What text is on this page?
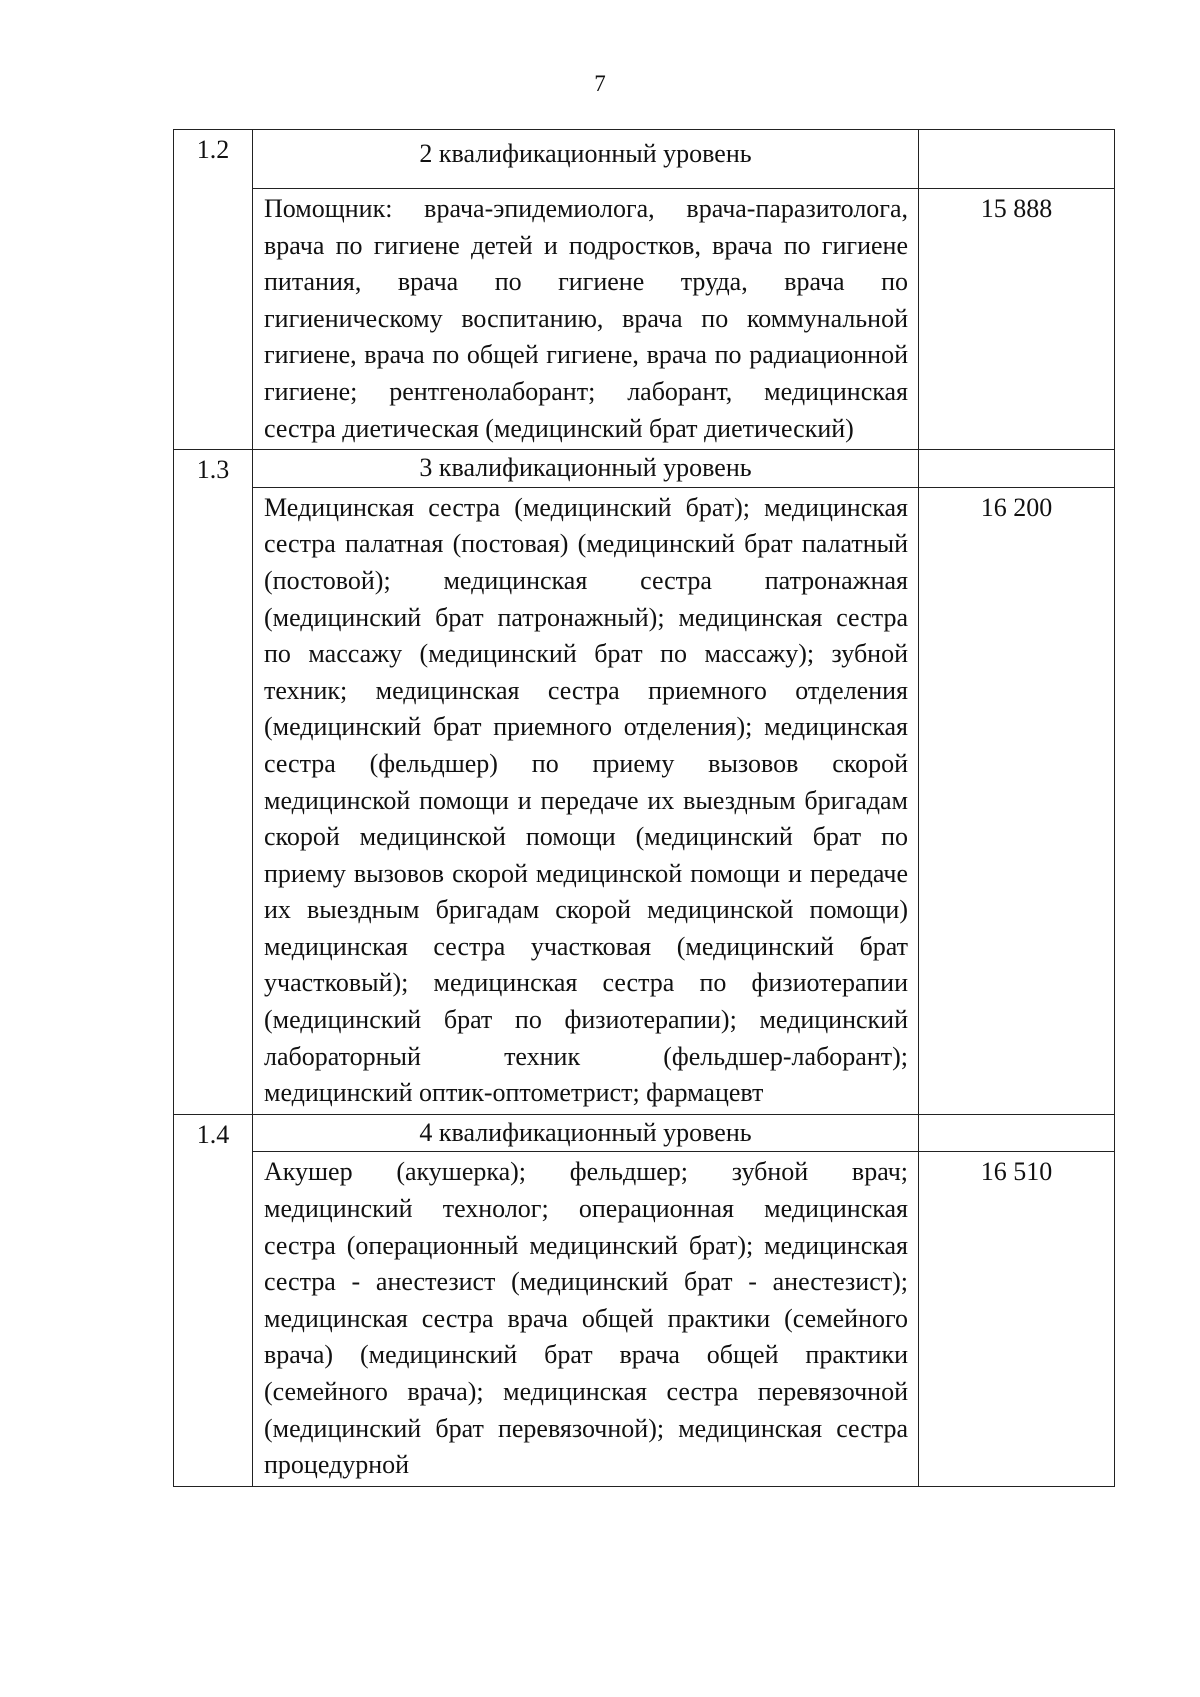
7
1.2	2 квалификационный уровень	
	Помощник: врача-эпидемиолога, врача-паразитолога, врача по гигиене детей и подростков, врача по гигиене питания, врача по гигиене труда, врача по гигиеническому воспитанию, врача по коммунальной гигиене, врача по общей гигиене, врача по радиационной гигиене; рентгенолаборант; лаборант, медицинская сестра диетическая (медицинский брат диетический)	15 888
1.3	3 квалификационный уровень	
	Медицинская сестра (медицинский брат); медицинская сестра палатная (постовая) (медицинский брат палатный (постовой); медицинская сестра патронажная (медицинский брат патронажный); медицинская сестра по массажу (медицинский брат по массажу); зубной техник; медицинская сестра приемного отделения (медицинский брат приемного отделения); медицинская сестра (фельдшер) по приему вызовов скорой медицинской помощи и передаче их выездным бригадам скорой медицинской помощи (медицинский брат по приему вызовов скорой медицинской помощи и передаче их выездным бригадам скорой медицинской помощи) медицинская сестра участковая (медицинский брат участковый); медицинская сестра по физиотерапии (медицинский брат по физиотерапии); медицинский лабораторный техник (фельдшер-лаборант); медицинский оптик-оптометрист; фармацевт	16 200
1.4	4 квалификационный уровень	
	Акушер (акушерка); фельдшер; зубной врач; медицинский технолог; операционная медицинская сестра (операционный медицинский брат); медицинская сестра - анестезист (медицинский брат - анестезист); медицинская сестра врача общей практики (семейного врача) (медицинский брат врача общей практики (семейного врача); медицинская сестра перевязочной (медицинский брат перевязочной); медицинская сестра процедурной	16 510
